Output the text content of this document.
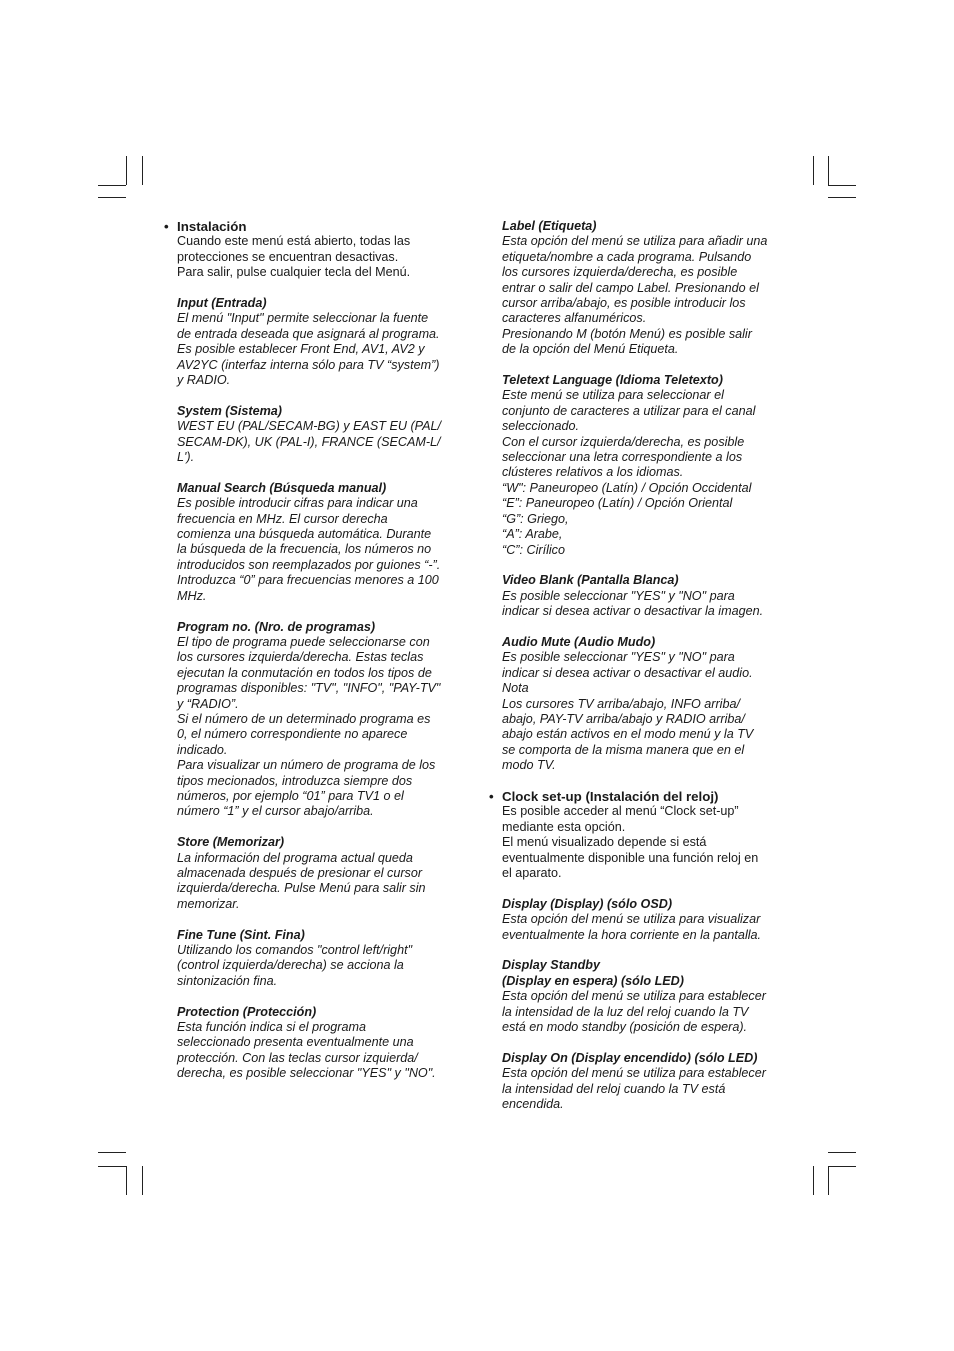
• Instalación

Cuando este menú está abierto, todas las
protecciones se encuentran desactivas.
Para salir, pulse cualquier tecla del Menú.

Input (Entrada)

El menú "Input" permite seleccionar la fuente
de entrada deseada que asignará al programa.
Es posible establecer Front End, AV1, AV2 y
AV2YC (interfaz interna sólo para TV “system”)
y RADIO.

System (Sistema)

WEST EU (PAL/SECAM-BG) y EAST EU (PAL/
SECAM-DK), UK (PAL-I), FRANCE (SECAM-L/
L').

Manual Search (Búsqueda manual)

Es posible introducir cifras para indicar una
frecuencia en MHz. El cursor derecha
comienza una búsqueda automática. Durante
la búsqueda de la frecuencia, los números no
introducidos son reemplazados por guiones “-”.
Introduzca “0” para frecuencias menores a 100
MHz.

Program no. (Nro. de programas)

El tipo de programa puede seleccionarse con
los cursores izquierda/derecha. Estas teclas
ejecutan la conmutación en todos los tipos de
programas disponibles: "TV", "INFO", "PAY-TV"
y “RADIO”.
Si el número de un determinado programa es
0, el número correspondiente no aparece
indicado.
Para visualizar un número de programa de los
tipos mecionados, introduzca siempre dos
números, por ejemplo “01” para TV1 o el
número “1” y el cursor abajo/arriba.

Store (Memorizar)

La información del programa actual queda
almacenada después de presionar el cursor
izquierda/derecha. Pulse Menú para salir sin
memorizar.

Fine Tune (Sint. Fina)

Utilizando los comandos "control left/right"
(control izquierda/derecha) se acciona la
sintonización fina.

Protection (Protección)

Esta función indica si el programa
seleccionado presenta eventualmente una
protección. Con las teclas cursor izquierda/
derecha, es posible seleccionar "YES" y "NO".

Label (Etiqueta)

Esta opción del menú se utiliza para añadir una
etiqueta/nombre a cada programa. Pulsando
los cursores izquierda/derecha, es posible
entrar o salir del campo Label. Presionando el
cursor arriba/abajo, es posible introducir los
caracteres alfanuméricos.
Presionando M (botón Menú) es posible salir
de la opción del Menú Etiqueta.

Teletext Language (Idioma Teletexto)

Este menú se utiliza para seleccionar el
conjunto de caracteres a utilizar para el canal
seleccionado.
Con el cursor izquierda/derecha, es posible
seleccionar una letra correspondiente a los
clústeres relativos a los idiomas.
“W": Paneuropeo (Latín) / Opción Occidental
“E”: Paneuropeo (Latín) / Opción Oriental
“G”: Griego,
“A”: Arabe,
“C”: Cirílico

Video Blank (Pantalla Blanca)

Es posible seleccionar "YES" y "NO" para
indicar si desea activar o desactivar la imagen.

Audio Mute (Audio Mudo)

Es posible seleccionar "YES" y "NO" para
indicar si desea activar o desactivar el audio.
Nota
Los cursores TV arriba/abajo, INFO arriba/
abajo, PAY-TV arriba/abajo y RADIO arriba/
abajo están activos en el modo menú y la TV
se comporta de la misma manera que en el
modo TV.

• Clock set-up (Instalación del reloj)

Es posible acceder al menú “Clock set-up”
mediante esta opción.
El menú visualizado depende si está
eventualmente disponible una función reloj en
el aparato.

Display (Display) (sólo OSD)

Esta opción del menú se utiliza para visualizar
eventualmente la hora corriente en la pantalla.

Display Standby
(Display en espera) (sólo LED)

Esta opción del menú se utiliza para establecer
la intensidad de la luz del reloj cuando la TV
está en modo standby (posición de espera).

Display On (Display encendido) (sólo LED)

Esta opción del menú se utiliza para establecer
la intensidad del reloj cuando la TV está
encendida.
